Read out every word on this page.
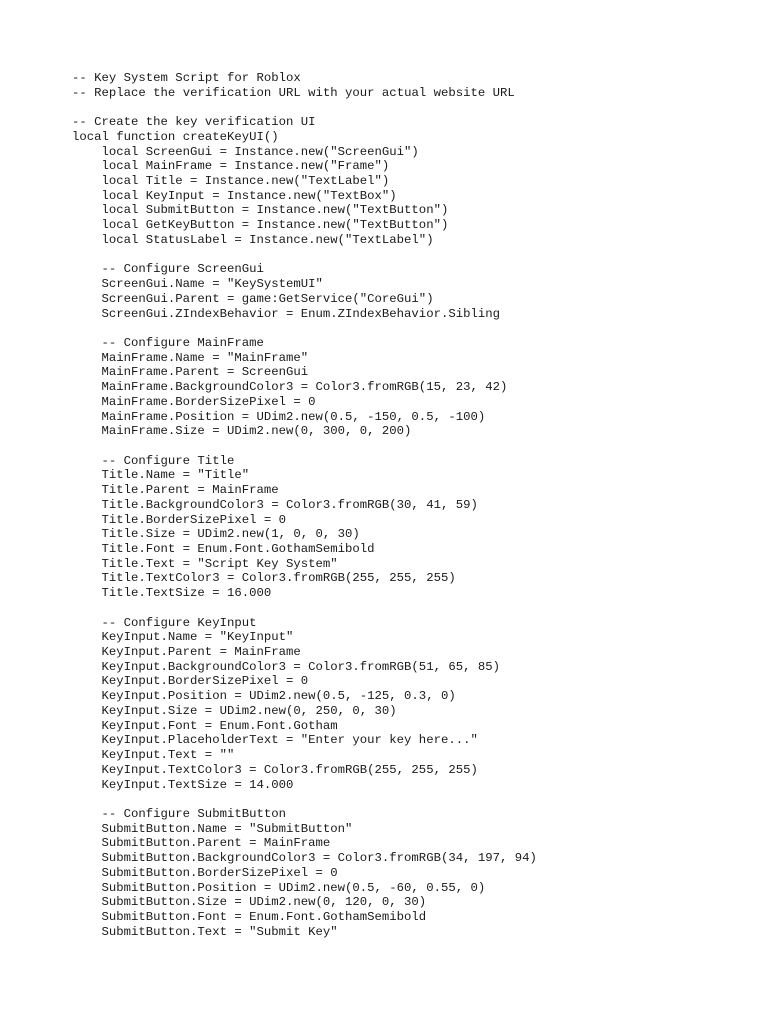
-- Key System Script for Roblox
-- Replace the verification URL with your actual website URL
-- Create the key verification UI
local function createKeyUI()
local ScreenGui = Instance.new("ScreenGui")
local MainFrame = Instance.new("Frame")
local Title = Instance.new("TextLabel")
local KeyInput = Instance.new("TextBox")
local SubmitButton = Instance.new("TextButton")
local GetKeyButton = Instance.new("TextButton")
local StatusLabel = Instance.new("TextLabel")
-- Configure ScreenGui
ScreenGui.Name = "KeySystemUI"
ScreenGui.Parent = game:GetService("CoreGui")
ScreenGui.ZIndexBehavior = Enum.ZIndexBehavior.Sibling
-- Configure MainFrame
MainFrame.Name = "MainFrame"
MainFrame.Parent = ScreenGui
MainFrame.BackgroundColor3 = Color3.fromRGB(15, 23, 42)
MainFrame.BorderSizePixel = 0
MainFrame.Position = UDim2.new(0.5, -150, 0.5, -100)
MainFrame.Size = UDim2.new(0, 300, 0, 200)
-- Configure Title
Title.Name = "Title"
Title.Parent = MainFrame
Title.BackgroundColor3 = Color3.fromRGB(30, 41, 59)
Title.BorderSizePixel = 0
Title.Size = UDim2.new(1, 0, 0, 30)
Title.Font = Enum.Font.GothamSemibold
Title.Text = "Script Key System"
Title.TextColor3 = Color3.fromRGB(255, 255, 255)
Title.TextSize = 16.000
-- Configure KeyInput
KeyInput.Name = "KeyInput"
KeyInput.Parent = MainFrame
KeyInput.BackgroundColor3 = Color3.fromRGB(51, 65, 85)
KeyInput.BorderSizePixel = 0
KeyInput.Position = UDim2.new(0.5, -125, 0.3, 0)
KeyInput.Size = UDim2.new(0, 250, 0, 30)
KeyInput.Font = Enum.Font.Gotham
KeyInput.PlaceholderText = "Enter your key here..."
KeyInput.Text = ""
KeyInput.TextColor3 = Color3.fromRGB(255, 255, 255)
KeyInput.TextSize = 14.000
-- Configure SubmitButton
SubmitButton.Name = "SubmitButton"
SubmitButton.Parent = MainFrame
SubmitButton.BackgroundColor3 = Color3.fromRGB(34, 197, 94)
SubmitButton.BorderSizePixel = 0
SubmitButton.Position = UDim2.new(0.5, -60, 0.55, 0)
SubmitButton.Size = UDim2.new(0, 120, 0, 30)
SubmitButton.Font = Enum.Font.GothamSemibold
SubmitButton.Text = "Submit Key"
